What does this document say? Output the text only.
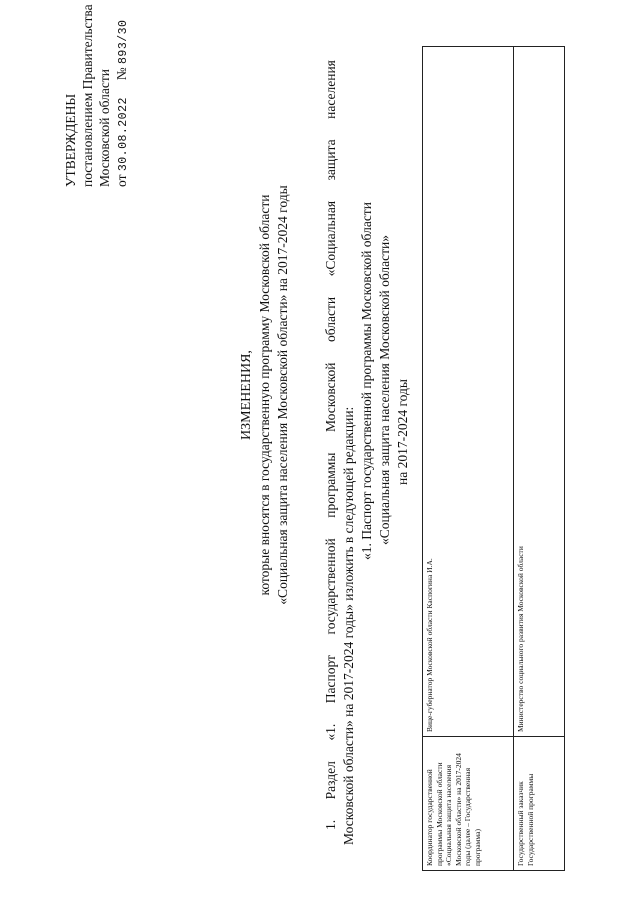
УТВЕРЖДЕНЫ постановлением Правительства Московской области от 30.08.2022     № 893/30
ИЗМЕНЕНИЯ, которые вносятся в государственную программу Московской области «Социальная защита населения Московской области» на 2017-2024 годы
1.
Раздел
«1.
Паспорт
государственной
программы
Московской
области
«Социальная
защита
населения
Московской области» на 2017-2024 годы» изложить в следующей редакции:
«1. Паспорт государственной программы Московской области «Социальная защита населения Московской области» на 2017-2024 годы
Координатор государственной программы Московской области «Социальная защита населения Московской области» на 2017-2024 годы (далее – Государственная программа)	Вице-губернатор Московской области Каспогина И.А.
Государственный заказчик Государственной программы	Министерство социального развития Московской области
